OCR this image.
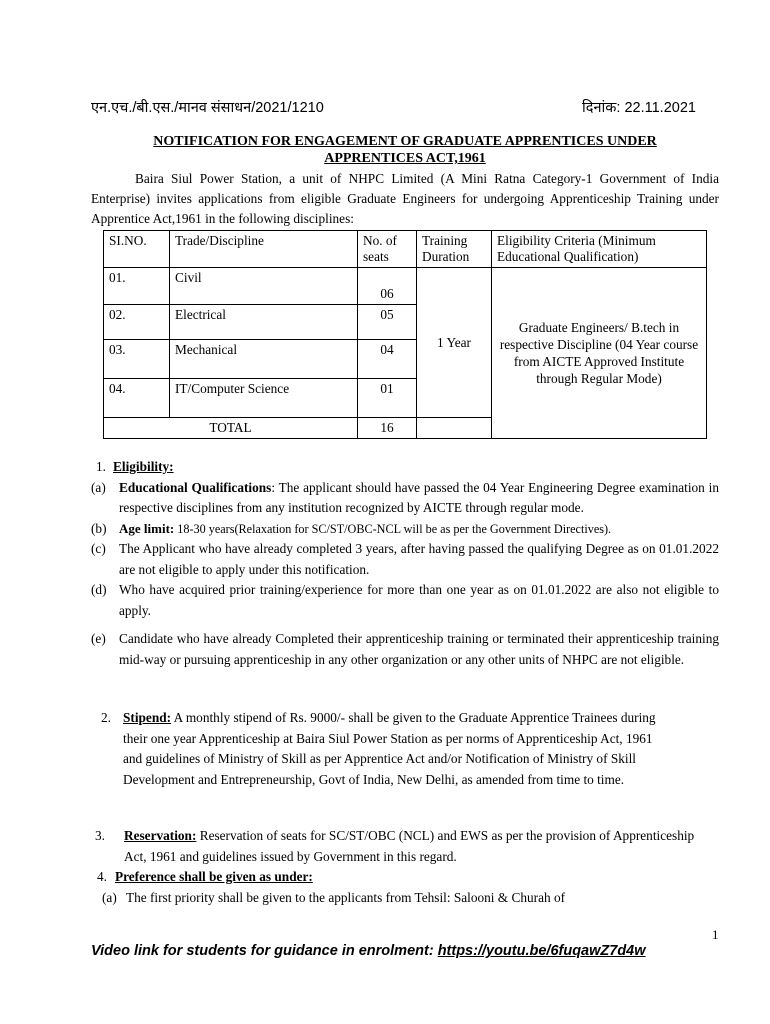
एन.एच./बी.एस./मानव संसाधन/2021/1210	दिनांक: 22.11.2021
NOTIFICATION FOR ENGAGEMENT OF GRADUATE APPRENTICES UNDER
APPRENTICES ACT,1961

Baira Siul Power Station, a unit of NHPC Limited (A Mini Ratna Category-1 Government of India Enterprise) invites applications from eligible Graduate Engineers for undergoing Apprenticeship Training under Apprentice Act,1961 in the following disciplines:

SI.NO.	Trade/Discipline	No. of seats	Training Duration	Eligibility Criteria (Minimum Educational Qualification)
01.	Civil	06	1 Year	Graduate Engineers/ B.tech in respective Discipline (04 Year course from AICTE Approved Institute through Regular Mode)
02.	Electrical	05		
03.	Mechanical	04		
04.	IT/Computer Science	01		
TOTAL		16		
1. Eligibility:
(a) Educational Qualifications: The applicant should have passed the 04 Year Engineering Degree examination in respective disciplines from any institution recognized by AICTE through regular mode.
(b) Age limit: 18-30 years(Relaxation for SC/ST/OBC-NCL will be as per the Government Directives).
(c) The Applicant who have already completed 3 years, after having passed the qualifying Degree as on 01.01.2022 are not eligible to apply under this notification.
(d) Who have acquired prior training/experience for more than one year as on 01.01.2022 are also not eligible to apply.
(e) Candidate who have already Completed their apprenticeship training or terminated their apprenticeship training mid-way or pursuing apprenticeship in any other organization or any other units of NHPC are not eligible.
2. Stipend: A monthly stipend of Rs. 9000/- shall be given to the Graduate Apprentice Trainees during their one year Apprenticeship at Baira Siul Power Station as per norms of Apprenticeship Act, 1961 and guidelines of Ministry of Skill as per Apprentice Act and/or Notification of Ministry of Skill Development and Entrepreneurship, Govt of India, New Delhi, as amended from time to time.
3.	Reservation: Reservation of seats for SC/ST/OBC (NCL) and EWS as per the provision of Apprenticeship Act, 1961 and guidelines issued by Government in this regard.
4. Preference shall be given as under:
(a) The first priority shall be given to the applicants from Tehsil: Salooni & Churah of
1
Video link for students for guidance in enrolment: https://youtu.be/6fuqawZ7d4w
